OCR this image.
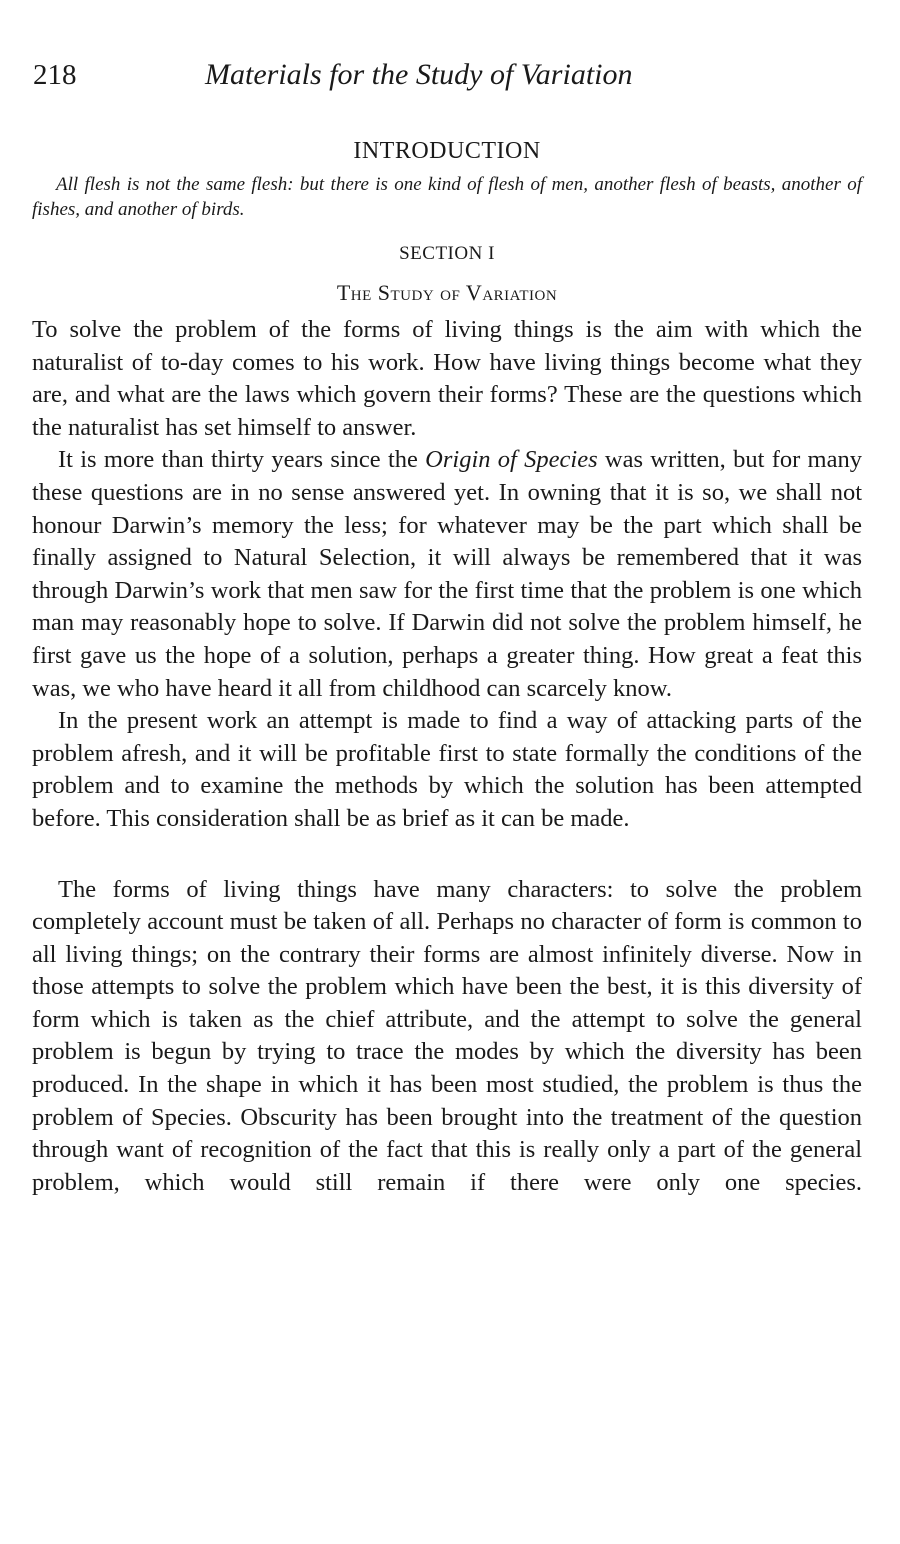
218	Materials for the Study of Variation
INTRODUCTION

All flesh is not the same flesh: but there is one kind of flesh of men, another flesh of beasts, another of fishes, and another of birds.

SECTION I
The Study of Variation

To solve the problem of the forms of living things is the aim with which the naturalist of to-day comes to his work. How have living things become what they are, and what are the laws which govern their forms? These are the questions which the naturalist has set himself to answer.

It is more than thirty years since the Origin of Species was written, but for many these questions are in no sense answered yet. In owning that it is so, we shall not honour Darwin’s memory the less; for whatever may be the part which shall be finally assigned to Natural Selection, it will always be remembered that it was through Darwin’s work that men saw for the first time that the problem is one which man may reasonably hope to solve. If Darwin did not solve the problem himself, he first gave us the hope of a solution, perhaps a greater thing. How great a feat this was, we who have heard it all from childhood can scarcely know.

In the present work an attempt is made to find a way of attacking parts of the problem afresh, and it will be profitable first to state formally the conditions of the problem and to examine the methods by which the solution has been attempted before. This consideration shall be as brief as it can be made.

The forms of living things have many characters: to solve the problem completely account must be taken of all. Perhaps no character of form is common to all living things; on the contrary their forms are almost infinitely diverse. Now in those attempts to solve the problem which have been the best, it is this diversity of form which is taken as the chief attribute, and the attempt to solve the general problem is begun by trying to trace the modes by which the diversity has been produced. In the shape in which it has been most studied, the problem is thus the problem of Species. Obscurity has been brought into the treatment of the question through want of recognition of the fact that this is really only a part of the general problem, which would still remain if there were only one species.
